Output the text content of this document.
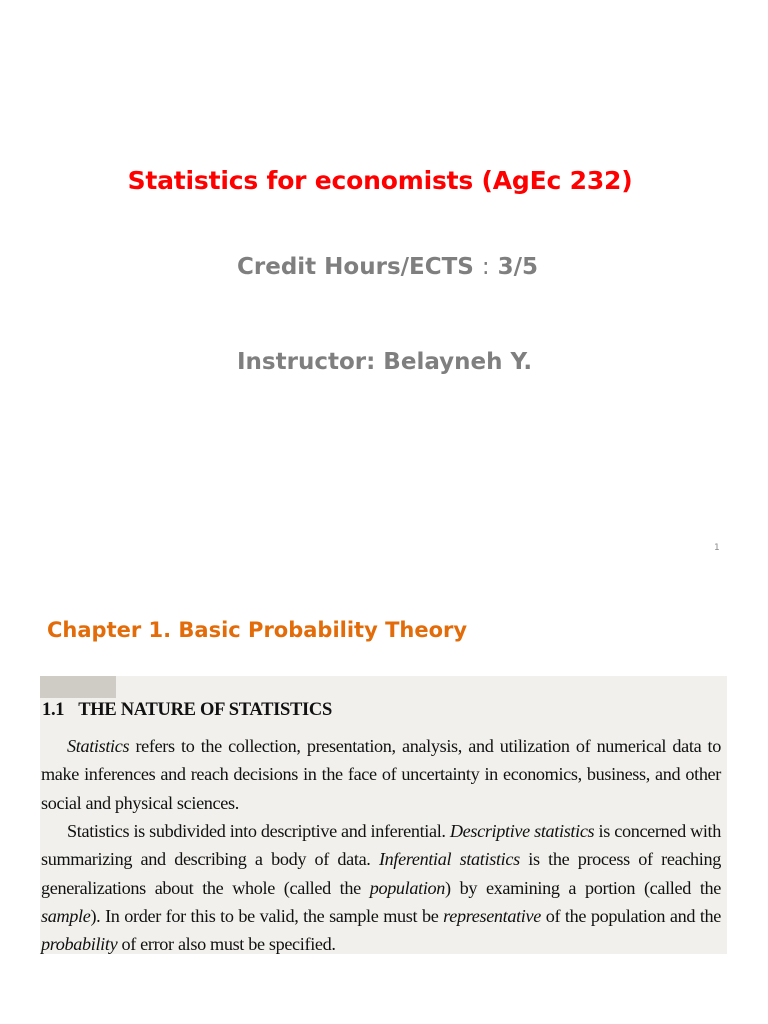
Statistics for economists (AgEc 232)
Credit Hours/ECTS : 3/5
Instructor: Belayneh Y.
1
Chapter 1. Basic Probability Theory
1.1 THE NATURE OF STATISTICS
Statistics refers to the collection, presentation, analysis, and utilization of numerical data to make inferences and reach decisions in the face of uncertainty in economics, business, and other social and physical sciences.
Statistics is subdivided into descriptive and inferential. Descriptive statistics is concerned with summarizing and describing a body of data. Inferential statistics is the process of reaching generalizations about the whole (called the population) by examining a portion (called the sample). In order for this to be valid, the sample must be representative of the population and the probability of error also must be specified.
